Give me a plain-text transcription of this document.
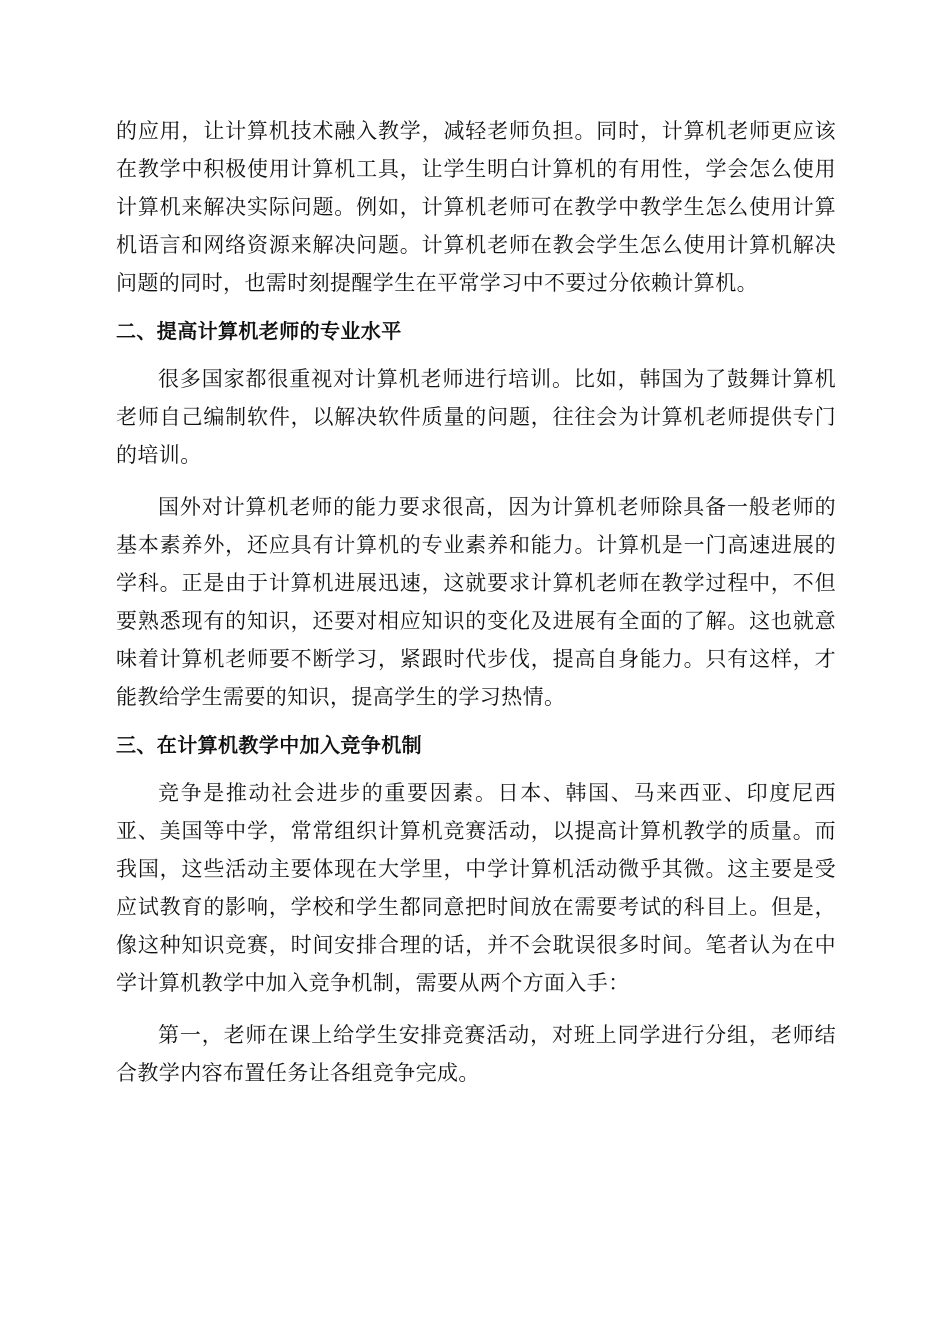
的应用，让计算机技术融入教学，减轻老师负担。同时，计算机老师更应该在教学中积极使用计算机工具，让学生明白计算机的有用性，学会怎么使用计算机来解决实际问题。例如，计算机老师可在教学中教学生怎么使用计算机语言和网络资源来解决问题。计算机老师在教会学生怎么使用计算机解决问题的同时，也需时刻提醒学生在平常学习中不要过分依赖计算机。

二、提高计算机老师的专业水平

很多国家都很重视对计算机老师进行培训。比如，韩国为了鼓舞计算机老师自己编制软件，以解决软件质量的问题，往往会为计算机老师提供专门的培训。

国外对计算机老师的能力要求很高，因为计算机老师除具备一般老师的基本素养外，还应具有计算机的专业素养和能力。计算机是一门高速进展的学科。正是由于计算机进展迅速，这就要求计算机老师在教学过程中，不但要熟悉现有的知识，还要对相应知识的变化及进展有全面的了解。这也就意味着计算机老师要不断学习，紧跟时代步伐，提高自身能力。只有这样，才能教给学生需要的知识，提高学生的学习热情。

三、在计算机教学中加入竞争机制

竞争是推动社会进步的重要因素。日本、韩国、马来西亚、印度尼西亚、美国等中学，常常组织计算机竞赛活动，以提高计算机教学的质量。而我国，这些活动主要体现在大学里，中学计算机活动微乎其微。这主要是受应试教育的影响，学校和学生都同意把时间放在需要考试的科目上。但是，像这种知识竞赛，时间安排合理的话，并不会耽误很多时间。笔者认为在中学计算机教学中加入竞争机制，需要从两个方面入手：

第一，老师在课上给学生安排竞赛活动，对班上同学进行分组，老师结合教学内容布置任务让各组竞争完成。
